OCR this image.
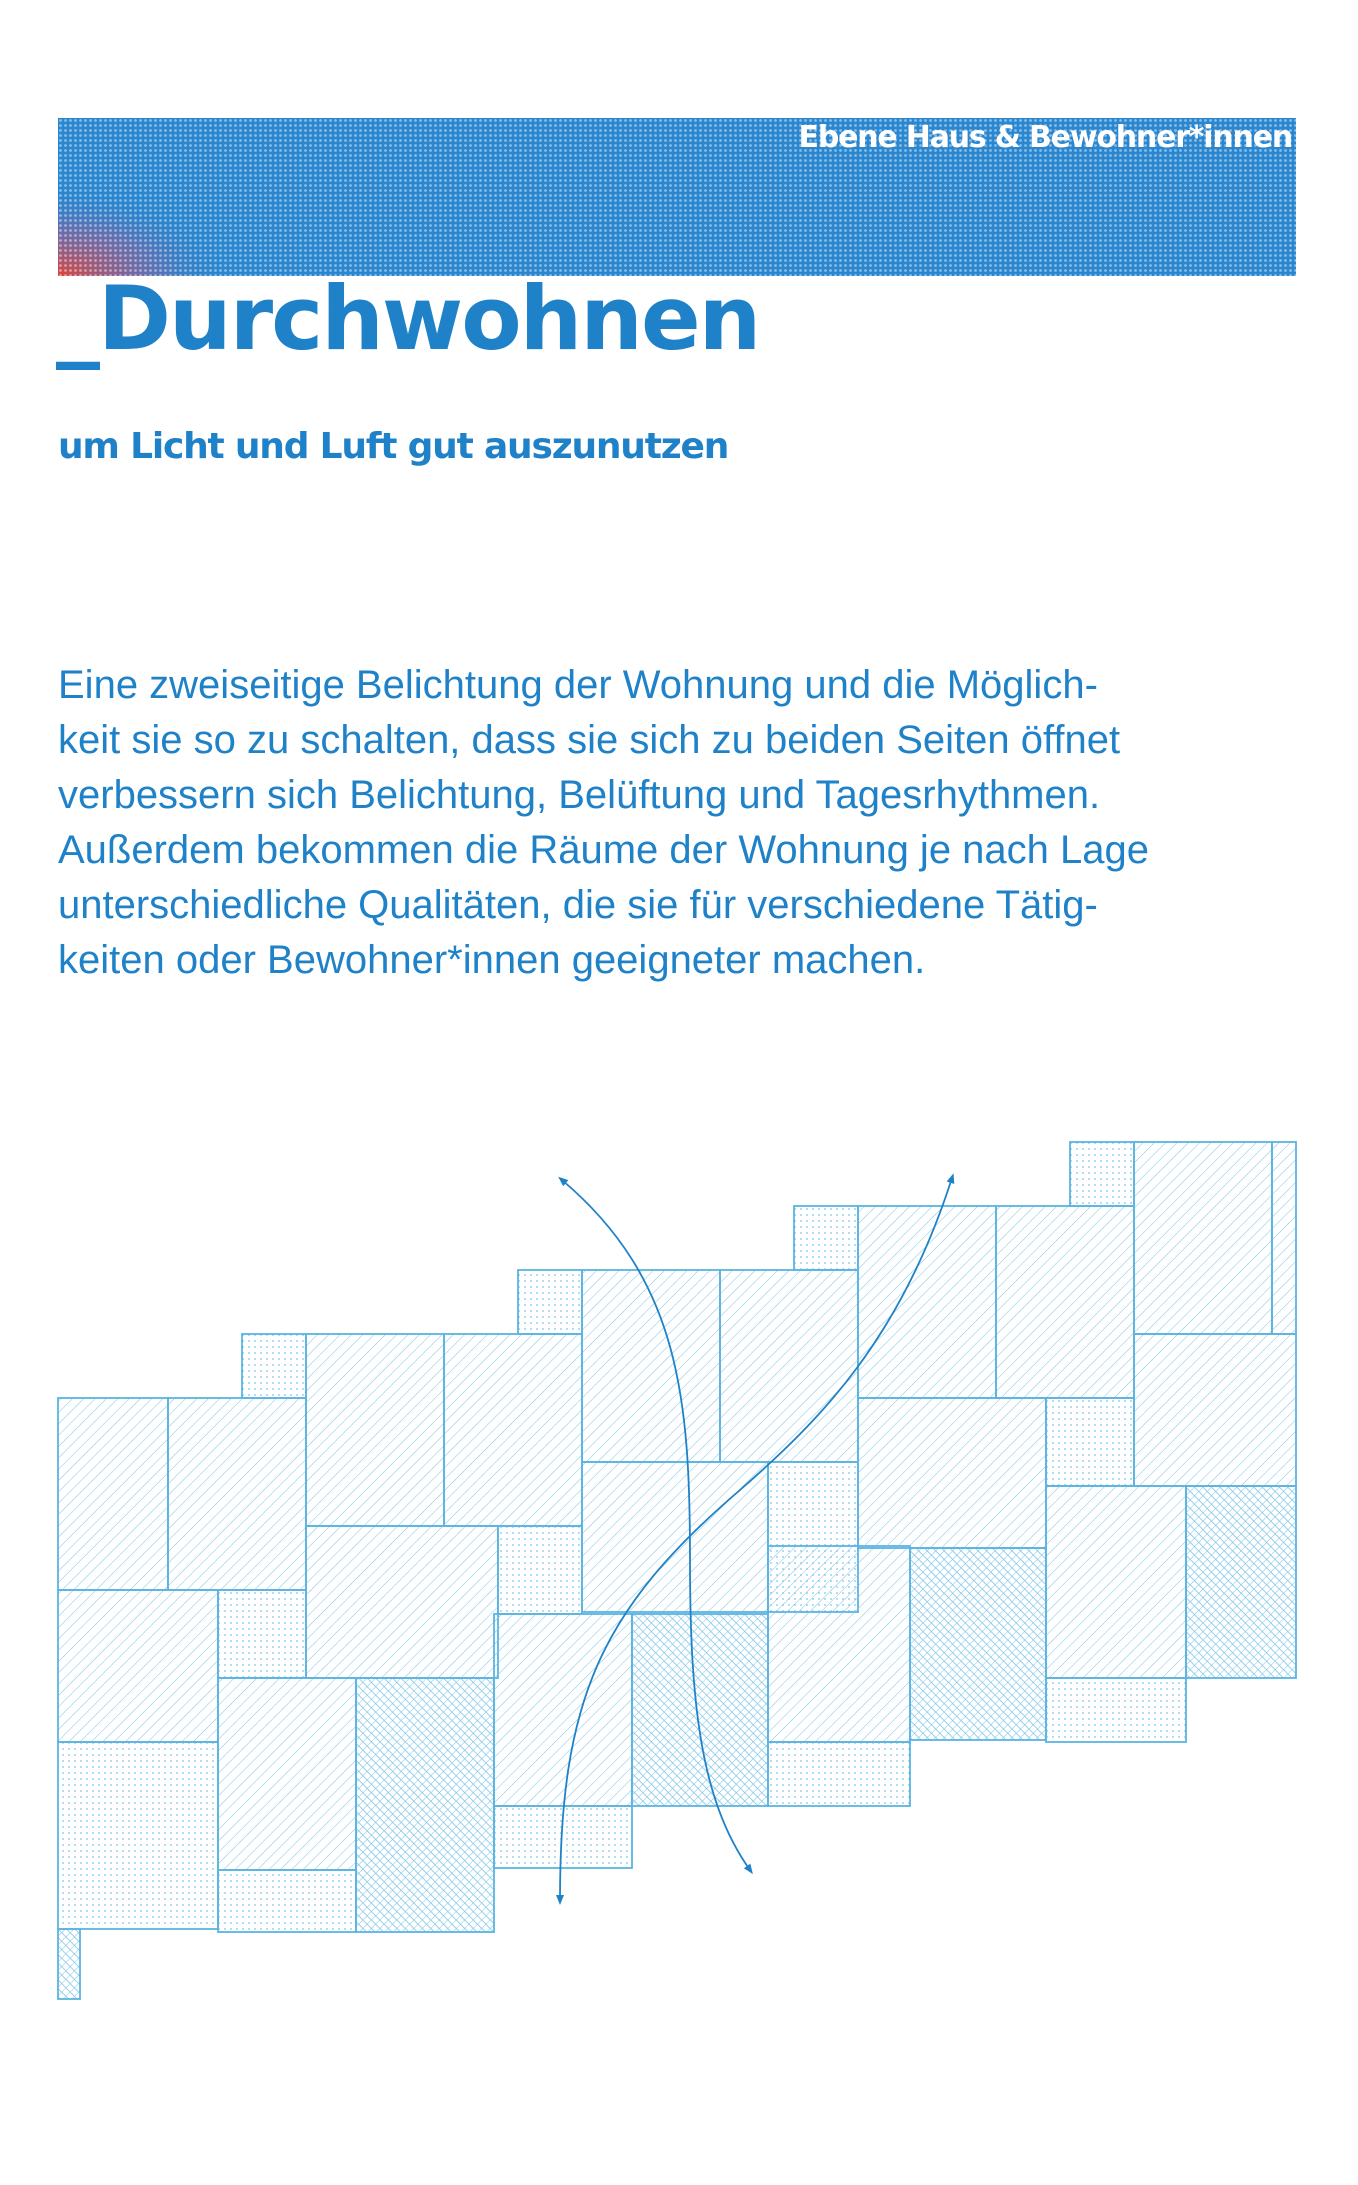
Ebene Haus & Bewohner*innen
_Durchwohnen
um Licht und Luft gut auszunutzen

Eine zweiseitige Belichtung der Wohnung und die Möglich-
keit sie so zu schalten, dass sie sich zu beiden Seiten öffnet
verbessern sich Belichtung, Belüftung und Tagesrhythmen.
Außerdem bekommen die Räume der Wohnung je nach Lage
unterschiedliche Qualitäten, die sie für verschiedene Tätig-
keiten oder Bewohner*innen geeigneter machen.
